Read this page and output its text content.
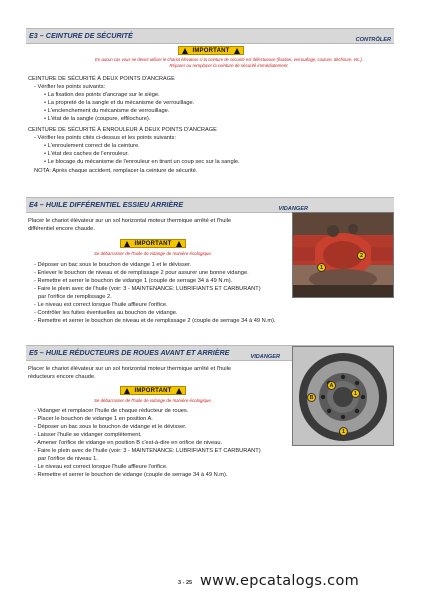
E3 – CEINTURE DE SÉCURITÉ	CONTRÔLER
IMPORTANT
En aucun cas vous ne devez utiliser le chariot élévateur si la ceinture de sécurité est défectueuse (fixation, verrouillage, couture, déchirure, etc.).
Réparer ou remplacer la ceinture de sécurité immédiatement.
CEINTURE DE SÉCURITÉ À DEUX POINTS D'ANCRAGE
- Vérifier les points suivants:
• La fixation des points d'ancrage sur le siège.
• La propreté de la sangle et du mécanisme de verrouillage.
• L'enclenchement du mécanisme de verrouillage.
• L'état de la sangle (coupure, effilochure).
CEINTURE DE SÉCURITÉ À ENROULEUR À DEUX POINTS D'ANCRAGE
- Vérifier les points cités ci-dessus et les points suivants:
• L'enroulement correct de la ceinture.
• L'état des caches de l'enrouleur.
• Le blocage du mécanisme de l'enrouleur en tirant un coup sec sur la sangle.
NOTA: Après chaque accident, remplacer la ceinture de sécurité.
E4 – HUILE DIFFÉRENTIEL ESSIEU ARRIÈRE	VIDANGER
Placer le chariot élévateur sur un sol horizontal moteur thermique arrêté et l'huile
différentiel encore chaude.
IMPORTANT
Se débarrasser de l'huile de vidange de manière écologique.
- Déposer un bac sous le bouchon de vidange 1 et le dévisser.
- Enlever le bouchon de niveau et de remplissage 2 pour assurer une bonne vidange.
- Remettre et serrer le bouchon de vidange 1 (couple de serrage 34 à 49 N.m).
- Faire le plein avec de l'huile (voir: 3 - MAINTENANCE: LUBRIFIANTS ET CARBURANT)
par l'orifice de remplissage 2.
- Le niveau est correct lorsque l'huile affleure l'orifice.
- Contrôler les fuites éventuelles au bouchon de vidange.
- Remettre et serrer le bouchon de niveau et de remplissage 2 (couple de serrage 34 à 49 N.m).
1
2
E5 – HUILE RÉDUCTEURS DE ROUES AVANT ET ARRIÈRE	VIDANGER
Placer le chariot élévateur sur un sol horizontal moteur thermique arrêté et l'huile
réducteurs encore chaude.
IMPORTANT
Se débarrasser de l'huile de vidange de manière écologique.
- Vidanger et remplacer l'huile de chaque réducteur de roues.
- Placer le bouchon de vidange 1 en position A.
- Déposer un bac sous le bouchon de vidange et le dévisser.
- Laisser l'huile se vidanger complètement.
- Amener l'orifice de vidange en position B c'est-à-dire en orifice de niveau.
- Faire le plein avec de l'huile (voir: 3 - MAINTENANCE: LUBRIFIANTS ET CARBURANT)
par l'orifice de niveau 1.
- Le niveau est correct lorsque l'huile affleure l'orifice.
- Remettre et serrer le bouchon de vidange (couple de serrage 34 à 49 N.m).
A
B
1
1
3 - 25 www.epcatalogs.com
